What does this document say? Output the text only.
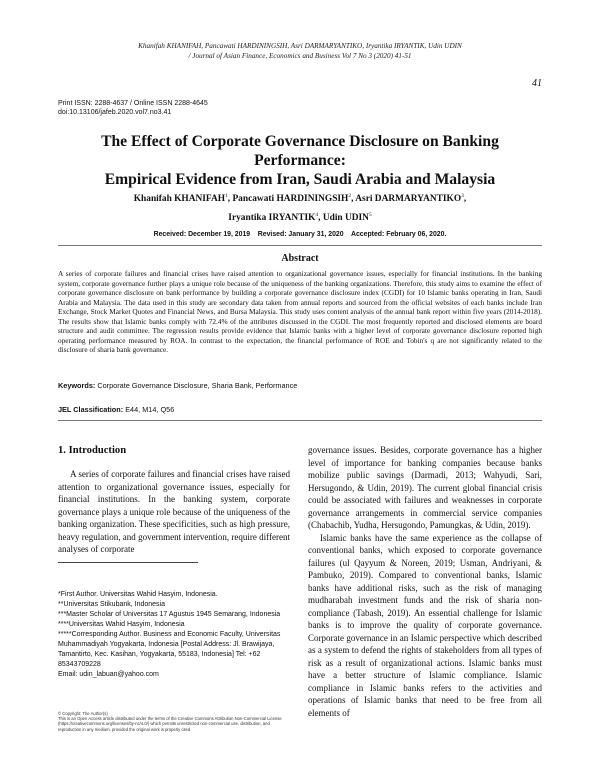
Khanifah KHANIFAH, Pancawati HARDININGSIH, Asri DARMARYANTIKO, Iryantika IRYANTIK, Udin UDIN
/ Journal of Asian Finance, Economics and Business Vol 7 No 3 (2020) 41-51
41
Print ISSN: 2288-4637 / Online ISSN 2288-4645
doi:10.13106/jafeb.2020.vol7.no3.41
The Effect of Corporate Governance Disclosure on Banking Performance:
Empirical Evidence from Iran, Saudi Arabia and Malaysia
Khanifah KHANIFAH$^1$, Pancawati HARDININGSIH$^2$, Asri DARMARYANTIKO$^3$,
Iryantika IRYANTIK$^4$, Udin UDIN$^5$
Received: December 19, 2019    Revised: January 31, 2020    Accepted: February 06, 2020.
Abstract
A series of corporate failures and financial crises have raised attention to organizational governance issues, especially for financial institutions. In the banking system, corporate governance further plays a unique role because of the uniqueness of the banking organizations. Therefore, this study aims to examine the effect of corporate governance disclosure on bank performance by building a corporate governance disclosure index (CGDI) for 10 Islamic banks operating in Iran, Saudi Arabia and Malaysia. The data used in this study are secondary data taken from annual reports and sourced from the official websites of each banks include Iran Exchange, Stock Market Quotes and Financial News, and Bursa Malaysia. This study uses content analysis of the annual bank report within five years (2014-2018). The results show that Islamic banks comply with 72.4% of the attributes discussed in the CGDI. The most frequently reported and disclosed elements are board structure and audit committee. The regression results provide evidence that Islamic banks with a higher level of corporate governance disclosure reported high operating performance measured by ROA. In contrast to the expectation, the financial performance of ROE and Tobin's q are not significantly related to the disclosure of sharia bank governance.
Keywords: Corporate Governance Disclosure, Sharia Bank, Performance
JEL Classification: E44, M14, Q56
1. Introduction
A series of corporate failures and financial crises have raised attention to organizational governance issues, especially for financial institutions. In the banking system, corporate governance plays a unique role because of the uniqueness of the banking organization. These specificities, such as high pressure, heavy regulation, and government intervention, require different analyses of corporate

governance issues. Besides, corporate governance has a higher level of importance for banking companies because banks mobilize public savings (Darmadi, 2013; Wahyudi, Sari, Hersugondo, & Udin, 2019). The current global financial crisis could be associated with failures and weaknesses in corporate governance arrangements in commercial service companies (Chabachib, Yudha, Hersugondo, Pamungkas, & Udin, 2019).

Islamic banks have the same experience as the collapse of conventional banks, which exposed to corporate governance failures (ul Qayyum & Noreen, 2019; Usman, Andriyani, & Pambuko, 2019). Compared to conventional banks, Islamic banks have additional risks, such as the risk of managing mudharabah investment funds and the risk of sharia non-compliance (Tabash, 2019). An essential challenge for Islamic banks is to improve the quality of corporate governance. Corporate governance in an Islamic perspective which described as a system to defend the rights of stakeholders from all types of risk as a result of organizational actions. Islamic banks must have a better structure of Islamic compliance. Islamic compliance in Islamic banks refers to the activities and operations of Islamic banks that need to be free from all elements of

*First Author. Universitas Wahid Hasyim, Indonesia.
**Universitas Stikubank, Indonesia
***Master Scholar of Universitas 17 Agustus 1945 Semarang, Indonesia
****Universitas Wahid Hasyim, Indonesia
*****Corresponding Author. Business and Economic Faculty, Universitas Muhammadiyah Yogyakarta, Indonesia [Postal Address: Jl. Brawijaya, Tamantirto, Kec. Kasihan, Yogyakarta, 55183, Indonesia] Tel: +62 85343709228
Email: udin_labuan@yahoo.com
© Copyright: The Author(s)
This is an Open Access article distributed under the terms of the Creative Commons Attribution Non-Commercial License (https://creativecommons.org/licenses/by-nc/4.0/) which permits unrestricted non-commercial use, distribution, and reproduction in any medium, provided the original work is properly cited.
